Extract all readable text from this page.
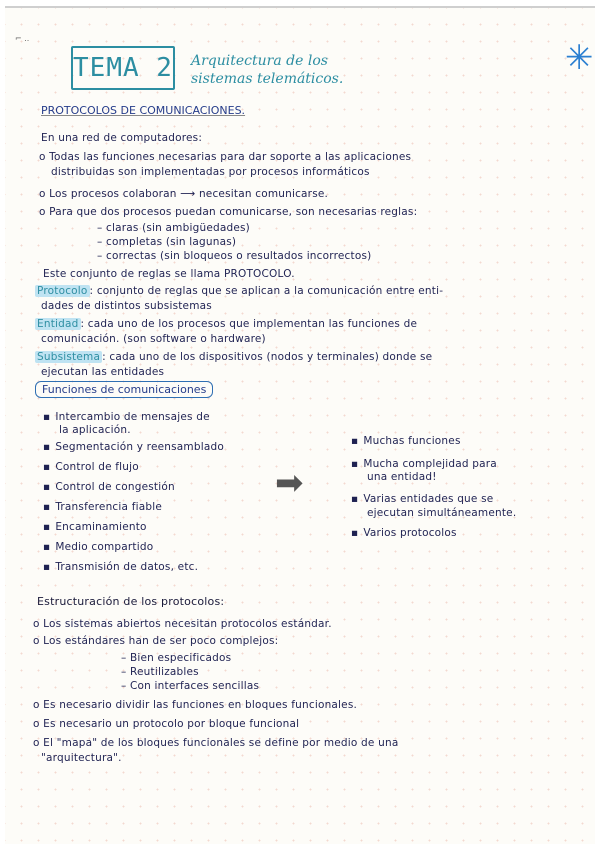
⌐ ..
TEMA 2 Arquitectura de los
sistemas telemáticos.
✳
PROTOCOLOS DE COMUNICACIONES.
En una red de computadores:
o Todas las funciones necesarias para dar soporte a las aplicaciones
distribuidas son implementadas por procesos informáticos
o Los procesos colaboran ⟶ necesitan comunicarse.
o Para que dos procesos puedan comunicarse, son necesarias reglas:
– claras (sin ambigüedades)
– completas (sin lagunas)
– correctas (sin bloqueos o resultados incorrectos)
Este conjunto de reglas se llama PROTOCOLO.
Protocolo : conjunto de reglas que se aplican a la comunicación entre enti-
dades de distintos subsistemas
Entidad : cada uno de los procesos que implementan las funciones de
comunicación. (son software o hardware)
Subsistema : cada uno de los dispositivos (nodos y terminales) donde se
ejecutan las entidades
Funciones de comunicaciones
▪ Intercambio de mensajes de
la aplicación.
▪ Segmentación y reensamblado
▪ Control de flujo
▪ Control de congestión
▪ Transferencia fiable
▪ Encaminamiento
▪ Medio compartido
▪ Transmisión de datos, etc.
➡
▪ Muchas funciones
▪ Mucha complejidad para
una entidad!
▪ Varias entidades que se
ejecutan simultáneamente.
▪ Varios protocolos
Estructuración de los protocolos:
o Los sistemas abiertos necesitan protocolos estándar.
o Los estándares han de ser poco complejos:
– Bien especificados
– Reutilizables
– Con interfaces sencillas
o Es necesario dividir las funciones en bloques funcionales.
o Es necesario un protocolo por bloque funcional
o El "mapa" de los bloques funcionales se define por medio de una
"arquitectura".
